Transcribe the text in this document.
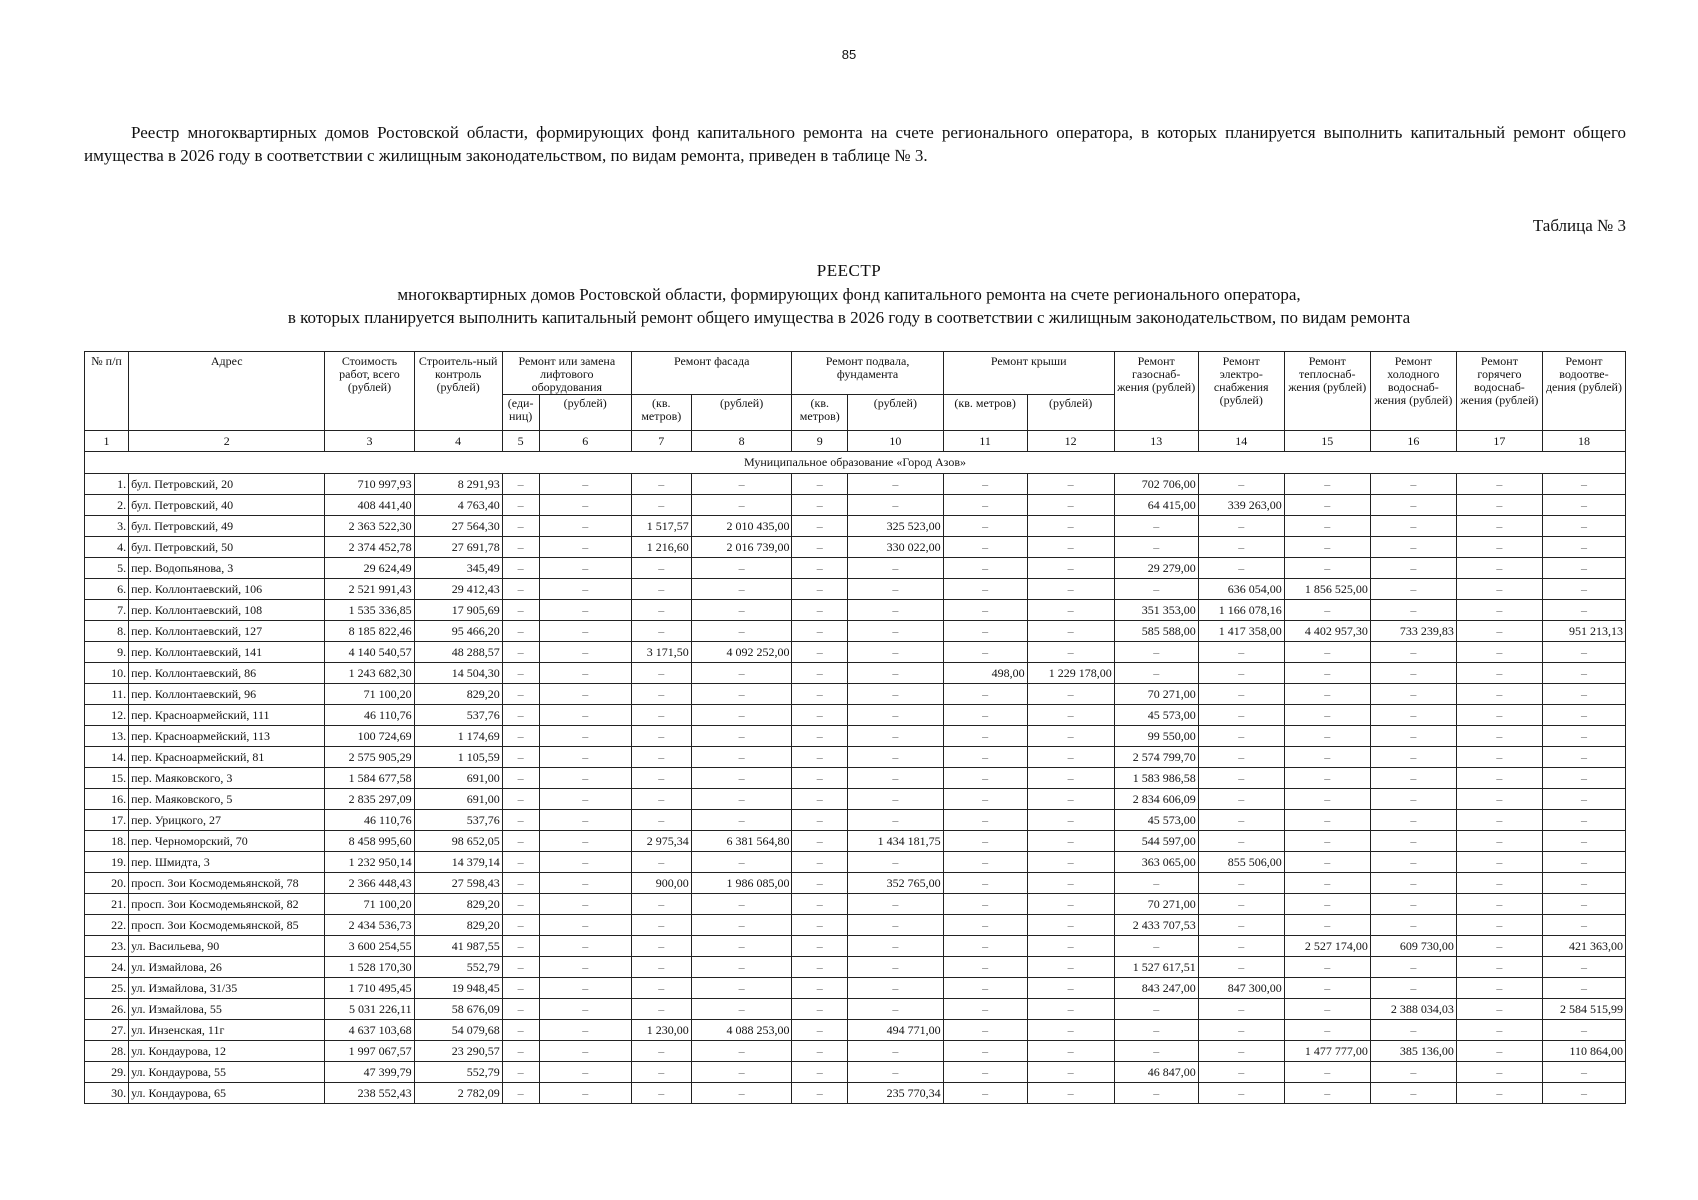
85
Реестр многоквартирных домов Ростовской области, формирующих фонд капитального ремонта на счете регионального оператора, в которых планируется выполнить капитальный ремонт общего имущества в 2026 году в соответствии с жилищным законодательством, по видам ремонта, приведен в таблице № 3.
Таблица № 3
РЕЕСТР
многоквартирных домов Ростовской области, формирующих фонд капитального ремонта на счете регионального оператора,
в которых планируется выполнить капитальный ремонт общего имущества в 2026 году в соответствии с жилищным законодательством, по видам ремонта
№ п/п	Адрес	Стоимость работ, всего (рублей)	Строитель-ный контроль (рублей)	Ремонт или замена лифтового оборудования		Ремонт фасада		Ремонт подвала, фундамента		Ремонт крыши		Ремонт газоснаб-жения (рублей)	Ремонт электро-снабжения (рублей)	Ремонт теплоснаб-жения (рублей)	Ремонт холодного водоснаб-жения (рублей)	Ремонт горячего водоснаб-жения (рублей)	Ремонт водоотве-дения (рублей)
				(еди-ниц)	(рублей)	(кв. метров)	(рублей)	(кв. метров)	(рублей)	(кв. метров)	(рублей)						
1	2	3	4	5	6	7	8	9	10	11	12	13	14	15	16	17	18
Муниципальное образование «Город Азов»																	
1.	бул. Петровский, 20	710 997,93	8 291,93	–	–	–	–	–	–	–	–	702 706,00	–	–	–	–	–
2.	бул. Петровский, 40	408 441,40	4 763,40	–	–	–	–	–	–	–	–	64 415,00	339 263,00	–	–	–	–
3.	бул. Петровский, 49	2 363 522,30	27 564,30	–	–	1 517,57	2 010 435,00	–	325 523,00	–	–	–	–	–	–	–	–
4.	бул. Петровский, 50	2 374 452,78	27 691,78	–	–	1 216,60	2 016 739,00	–	330 022,00	–	–	–	–	–	–	–	–
5.	пер. Водопьянова, 3	29 624,49	345,49	–	–	–	–	–	–	–	–	29 279,00	–	–	–	–	–
6.	пер. Коллонтаевский, 106	2 521 991,43	29 412,43	–	–	–	–	–	–	–	–	–	636 054,00	1 856 525,00	–	–	–
7.	пер. Коллонтаевский, 108	1 535 336,85	17 905,69	–	–	–	–	–	–	–	–	351 353,00	1 166 078,16	–	–	–	–
8.	пер. Коллонтаевский, 127	8 185 822,46	95 466,20	–	–	–	–	–	–	–	–	585 588,00	1 417 358,00	4 402 957,30	733 239,83	–	951 213,13
9.	пер. Коллонтаевский, 141	4 140 540,57	48 288,57	–	–	3 171,50	4 092 252,00	–	–	–	–	–	–	–	–	–	–
10.	пер. Коллонтаевский, 86	1 243 682,30	14 504,30	–	–	–	–	–	–	498,00	1 229 178,00	–	–	–	–	–	–
11.	пер. Коллонтаевский, 96	71 100,20	829,20	–	–	–	–	–	–	–	–	70 271,00	–	–	–	–	–
12.	пер. Красноармейский, 111	46 110,76	537,76	–	–	–	–	–	–	–	–	45 573,00	–	–	–	–	–
13.	пер. Красноармейский, 113	100 724,69	1 174,69	–	–	–	–	–	–	–	–	99 550,00	–	–	–	–	–
14.	пер. Красноармейский, 81	2 575 905,29	1 105,59	–	–	–	–	–	–	–	–	2 574 799,70	–	–	–	–	–
15.	пер. Маяковского, 3	1 584 677,58	691,00	–	–	–	–	–	–	–	–	1 583 986,58	–	–	–	–	–
16.	пер. Маяковского, 5	2 835 297,09	691,00	–	–	–	–	–	–	–	–	2 834 606,09	–	–	–	–	–
17.	пер. Урицкого, 27	46 110,76	537,76	–	–	–	–	–	–	–	–	45 573,00	–	–	–	–	–
18.	пер. Черноморский, 70	8 458 995,60	98 652,05	–	–	2 975,34	6 381 564,80	–	1 434 181,75	–	–	544 597,00	–	–	–	–	–
19.	пер. Шмидта, 3	1 232 950,14	14 379,14	–	–	–	–	–	–	–	–	363 065,00	855 506,00	–	–	–	–
20.	просп. Зои Космодемьянской, 78	2 366 448,43	27 598,43	–	–	900,00	1 986 085,00	–	352 765,00	–	–	–	–	–	–	–	–
21.	просп. Зои Космодемьянской, 82	71 100,20	829,20	–	–	–	–	–	–	–	–	70 271,00	–	–	–	–	–
22.	просп. Зои Космодемьянской, 85	2 434 536,73	829,20	–	–	–	–	–	–	–	–	2 433 707,53	–	–	–	–	–
23.	ул. Васильева, 90	3 600 254,55	41 987,55	–	–	–	–	–	–	–	–	–	–	2 527 174,00	609 730,00	–	421 363,00
24.	ул. Измайлова, 26	1 528 170,30	552,79	–	–	–	–	–	–	–	–	1 527 617,51	–	–	–	–	–
25.	ул. Измайлова, 31/35	1 710 495,45	19 948,45	–	–	–	–	–	–	–	–	843 247,00	847 300,00	–	–	–	–
26.	ул. Измайлова, 55	5 031 226,11	58 676,09	–	–	–	–	–	–	–	–	–	–	–	2 388 034,03	–	2 584 515,99
27.	ул. Инзенская, 11г	4 637 103,68	54 079,68	–	–	1 230,00	4 088 253,00	–	494 771,00	–	–	–	–	–	–	–	–
28.	ул. Кондаурова, 12	1 997 067,57	23 290,57	–	–	–	–	–	–	–	–	–	–	1 477 777,00	385 136,00	–	110 864,00
29.	ул. Кондаурова, 55	47 399,79	552,79	–	–	–	–	–	–	–	–	46 847,00	–	–	–	–	–
30.	ул. Кондаурова, 65	238 552,43	2 782,09	–	–	–	–	–	235 770,34	–	–	–	–	–	–	–	–
